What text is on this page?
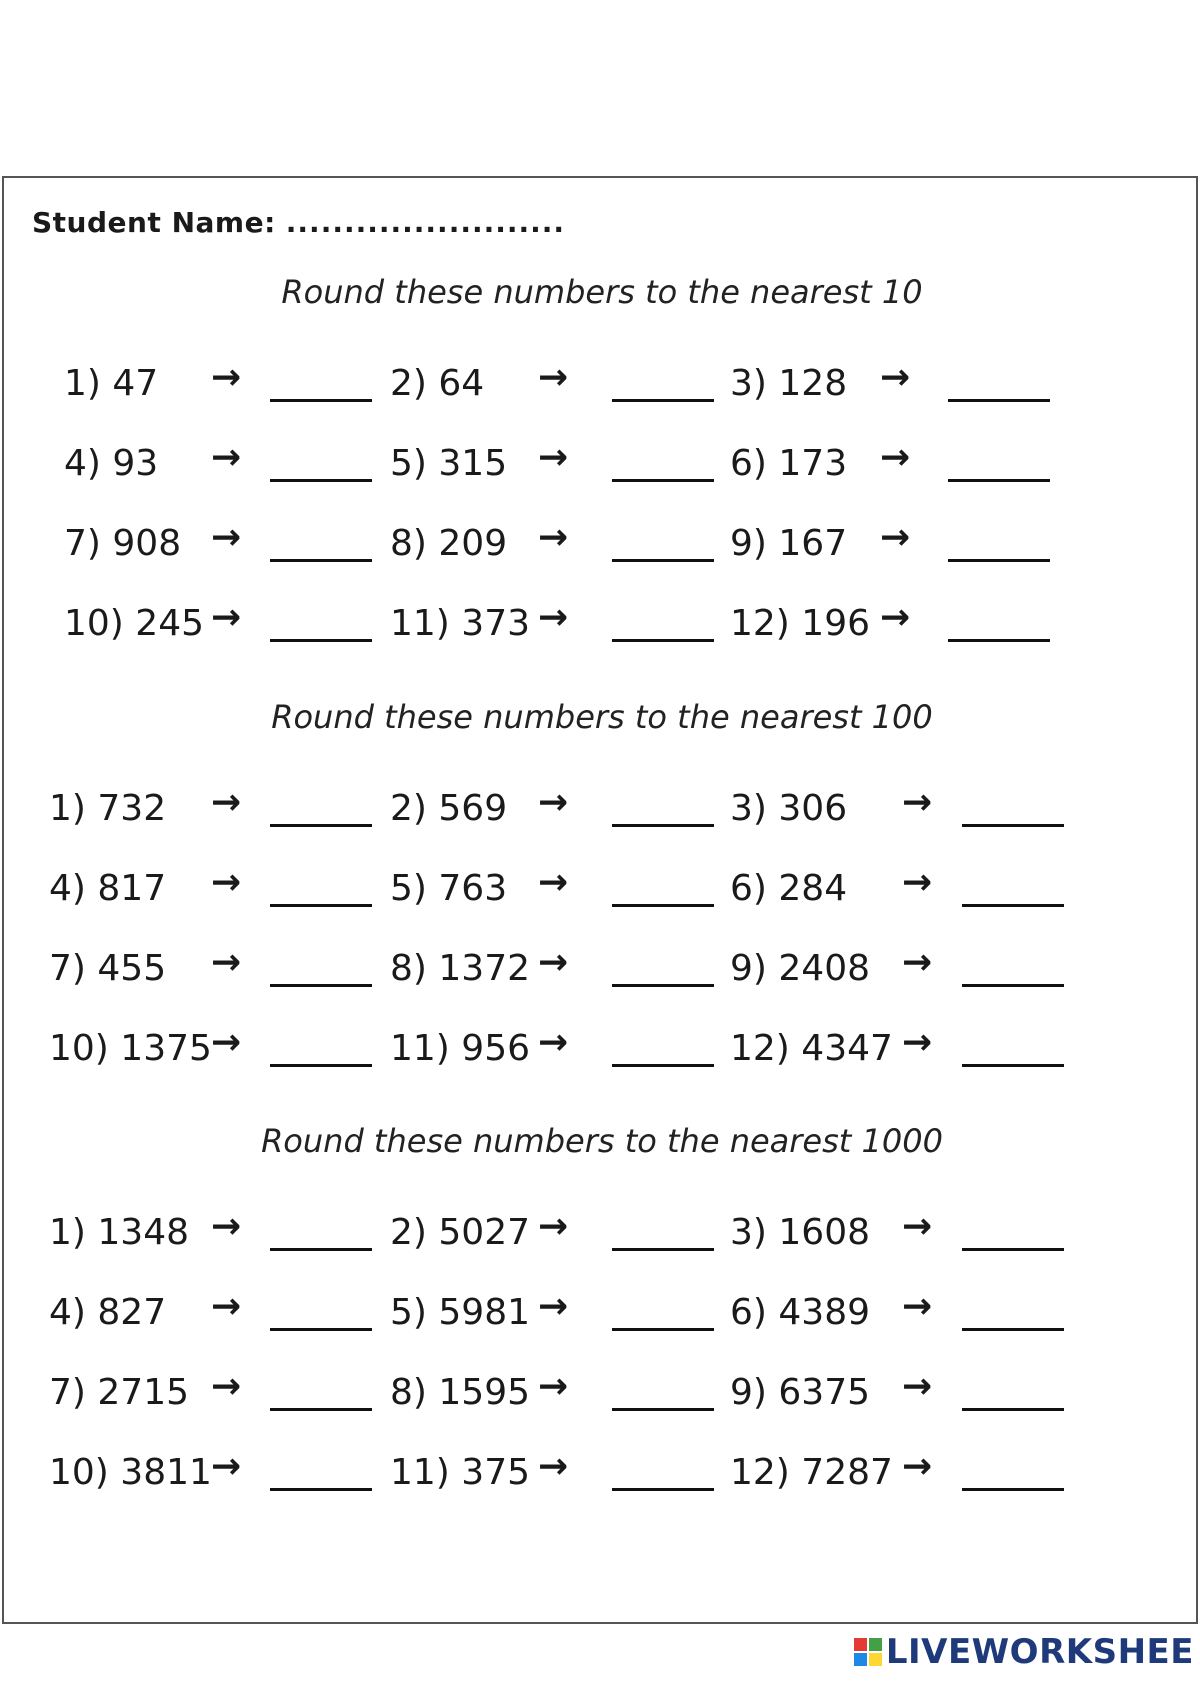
Student Name: ........................
Round these numbers to the nearest 10
1) 47 →	2) 64 →	3) 128 →
4) 93 →	5) 315 →	6) 173 →
7) 908 →	8) 209 →	9) 167 →
10) 245 →	11) 373 →	12) 196 →
Round these numbers to the nearest 100
1) 732 →	2) 569 →	3) 306 →
4) 817 →	5) 763 →	6) 284 →
7) 455 →	8) 1372 →	9) 2408 →
10) 1375 →	11) 956 →	12) 4347 →
Round these numbers to the nearest 1000
1) 1348 →	2) 5027 →	3) 1608 →
4) 827 →	5) 5981 →	6) 4389 →
7) 2715 →	8) 1595 →	9) 6375 →
10) 3811 →	11) 375 →	12) 7287 →
LIVEWORKSHEE
